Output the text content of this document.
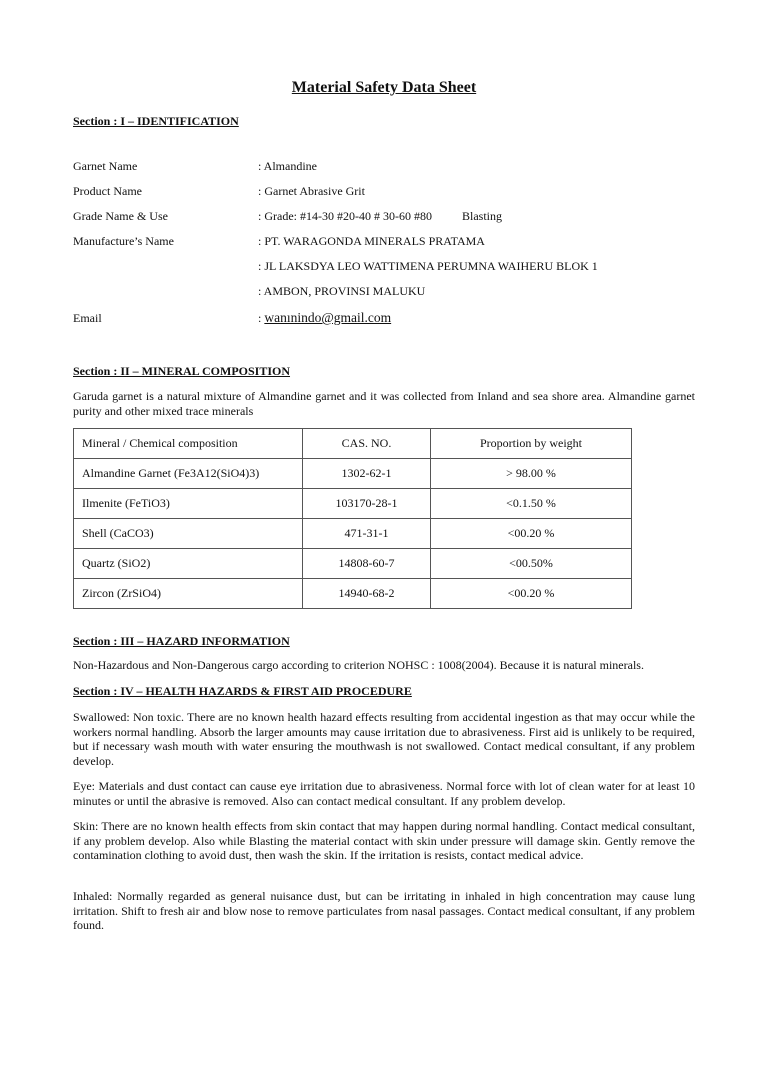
Material Safety Data Sheet
Section : I – IDENTIFICATION
Garnet Name	: Almandine
Product Name	: Garnet Abrasive Grit
Grade Name & Use	: Grade: #14-30 #20-40 # 30-60 #80	Blasting
Manufacture’s Name	: PT. WARAGONDA MINERALS PRATAMA
: JL LAKSDYA LEO WATTIMENA PERUMNA WAIHERU BLOK 1
: AMBON, PROVINSI MALUKU
Email	: wanınindo@gmail.com
Section : II – MINERAL COMPOSITION

Garuda garnet is a natural mixture of Almandine garnet and it was collected from Inland and sea shore area. Almandine garnet purity and other mixed trace minerals

Mineral / Chemical composition	CAS. NO.	Proportion by weight
Almandine Garnet (Fe3A12(SiO4)3)	1302-62-1	> 98.00 %
Ilmenite (FeTiO3)	103170-28-1	<0.1.50 %
Shell (CaCO3)	471-31-1	<00.20 %
Quartz (SiO2)	14808-60-7	<00.50%
Zircon (ZrSiO4)	14940-68-2	<00.20 %
Section : III – HAZARD INFORMATION

Non-Hazardous and Non-Dangerous cargo according to criterion NOHSC : 1008(2004). Because it is natural minerals.

Section : IV – HEALTH HAZARDS & FIRST AID PROCEDURE

Swallowed: Non toxic. There are no known health hazard effects resulting from accidental ingestion as that may occur while the workers normal handling. Absorb the larger amounts may cause irritation due to abrasiveness. First aid is unlikely to be required, but if necessary wash mouth with water ensuring the mouthwash is not swallowed. Contact medical consultant, if any problem develop.

Eye: Materials and dust contact can cause eye irritation due to abrasiveness. Normal force with lot of clean water for at least 10 minutes or until the abrasive is removed. Also can contact medical consultant. If any problem develop.

Skin: There are no known health effects from skin contact that may happen during normal handling. Contact medical consultant, if any problem develop. Also while Blasting the material contact with skin under pressure will damage skin. Gently remove the contamination clothing to avoid dust, then wash the skin. If the irritation is resists, contact medical advice.

Inhaled: Normally regarded as general nuisance dust, but can be irritating in inhaled in high concentration may cause lung irritation. Shift to fresh air and blow nose to remove particulates from nasal passages. Contact medical consultant, if any problem found.
